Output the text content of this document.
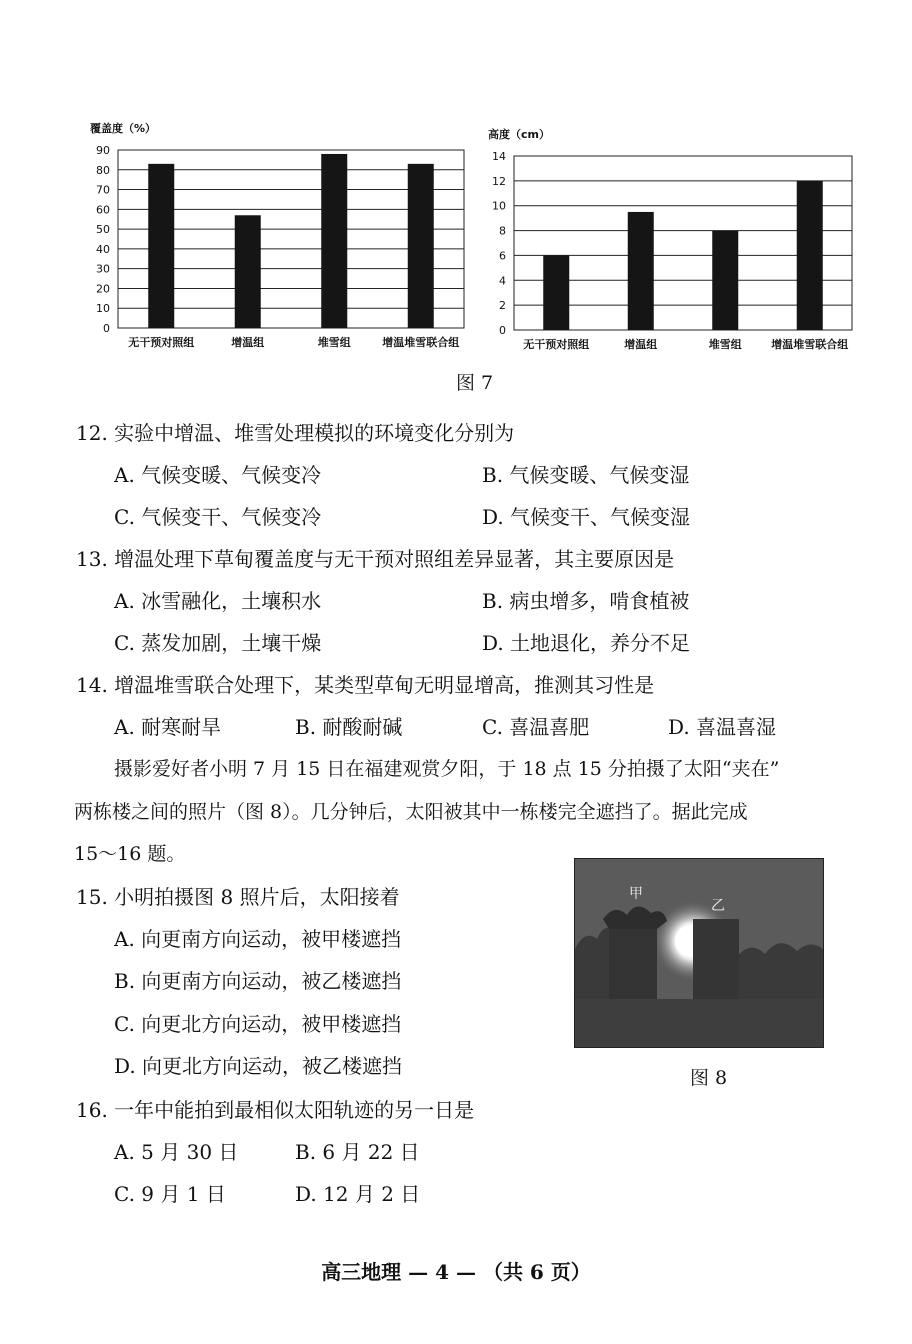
覆盖度（%）
0
10
20
30
40
50
60
70
80
90
无干预对照组	增温组	堆雪组	增温堆雪联合组
高度（cm）
0
2
4
6
8
10
12
14
无干预对照组	增温组	堆雪组	增温堆雪联合组
图 7
12. 实验中增温、堆雪处理模拟的环境变化分别为
A. 气候变暖、气候变冷	B. 气候变暖、气候变湿
C. 气候变干、气候变冷	D. 气候变干、气候变湿
13. 增温处理下草甸覆盖度与无干预对照组差异显著，其主要原因是
A. 冰雪融化，土壤积水	B. 病虫增多，啃食植被
C. 蒸发加剧，土壤干燥	D. 土地退化，养分不足
14. 增温堆雪联合处理下，某类型草甸无明显增高，推测其习性是
A. 耐寒耐旱	B. 耐酸耐碱	C. 喜温喜肥	D. 喜温喜湿
摄影爱好者小明 7 月 15 日在福建观赏夕阳，于 18 点 15 分拍摄了太阳“夹在”
两栋楼之间的照片（图 8）。几分钟后，太阳被其中一栋楼完全遮挡了。据此完成
15～16 题。
15. 小明拍摄图 8 照片后，太阳接着
A. 向更南方向运动，被甲楼遮挡
B. 向更南方向运动，被乙楼遮挡
C. 向更北方向运动，被甲楼遮挡
D. 向更北方向运动，被乙楼遮挡
甲
乙
图 8
16. 一年中能拍到最相似太阳轨迹的另一日是
A. 5 月 30 日	B. 6 月 22 日
C. 9 月 1 日	D. 12 月 2 日
高三地理 — 4 — （共 6 页）
